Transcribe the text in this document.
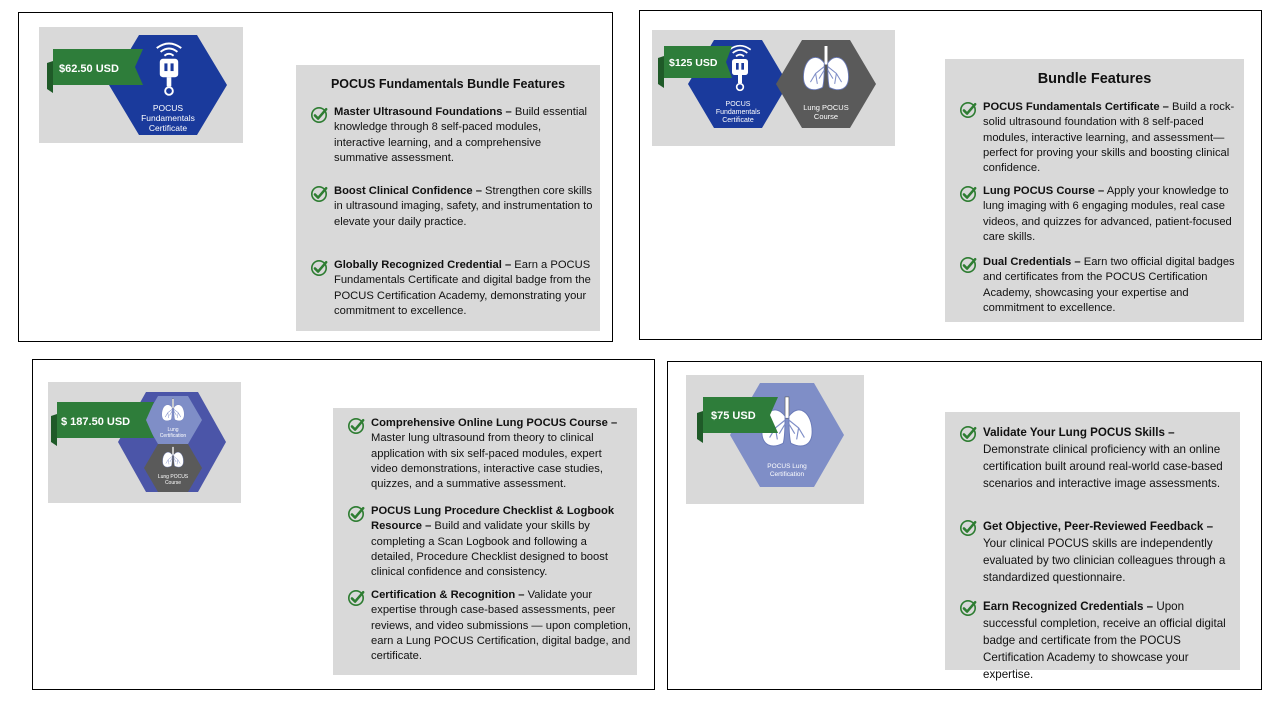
POCUS
Fundamentals
Certificate
$62.50 USD
POCUS Fundamentals Bundle Features
Master Ultrasound Foundations – Build essential knowledge through 8 self-paced modules, interactive learning, and a comprehensive summative assessment.
Boost Clinical Confidence – Strengthen core skills in ultrasound imaging, safety, and instrumentation to elevate your daily practice.
Globally Recognized Credential – Earn a POCUS Fundamentals Certificate and digital badge from the POCUS Certification Academy, demonstrating your commitment to excellence.
POCUS
Fundamentals
Certificate
Lung POCUS
Course
$125 USD
Bundle Features
POCUS Fundamentals Certificate – Build a rock-solid ultrasound foundation with 8 self-paced modules, interactive learning, and assessment—perfect for proving your skills and boosting clinical confidence.
Lung POCUS Course – Apply your knowledge to lung imaging with 6 engaging modules, real case videos, and quizzes for advanced, patient-focused care skills.
Dual Credentials – Earn two official digital badges and certificates from the POCUS Certification Academy, showcasing your expertise and commitment to excellence.
Lung
Certification
Lung POCUS
Course
$ 187.50 USD	Comprehensive Online Lung POCUS Course – Master lung ultrasound from theory to clinical application with six self-paced modules, expert video demonstrations, interactive case studies, quizzes, and a summative assessment.
POCUS Lung Procedure Checklist & Logbook Resource – Build and validate your skills by completing a Scan Logbook and following a detailed, Procedure Checklist designed to boost clinical confidence and consistency.
Certification & Recognition – Validate your expertise through case-based assessments, peer reviews, and video submissions — upon completion, earn a Lung POCUS Certification, digital badge, and certificate.
POCUS Lung
Certification
$75 USD
Validate Your Lung POCUS Skills – Demonstrate clinical proficiency with an online certification built around real-world case-based scenarios and interactive image assessments.
Get Objective, Peer-Reviewed Feedback – Your clinical POCUS skills are independently evaluated by two clinician colleagues through a standardized questionnaire.
Earn Recognized Credentials – Upon successful completion, receive an official digital badge and certificate from the POCUS Certification Academy to showcase your expertise.
